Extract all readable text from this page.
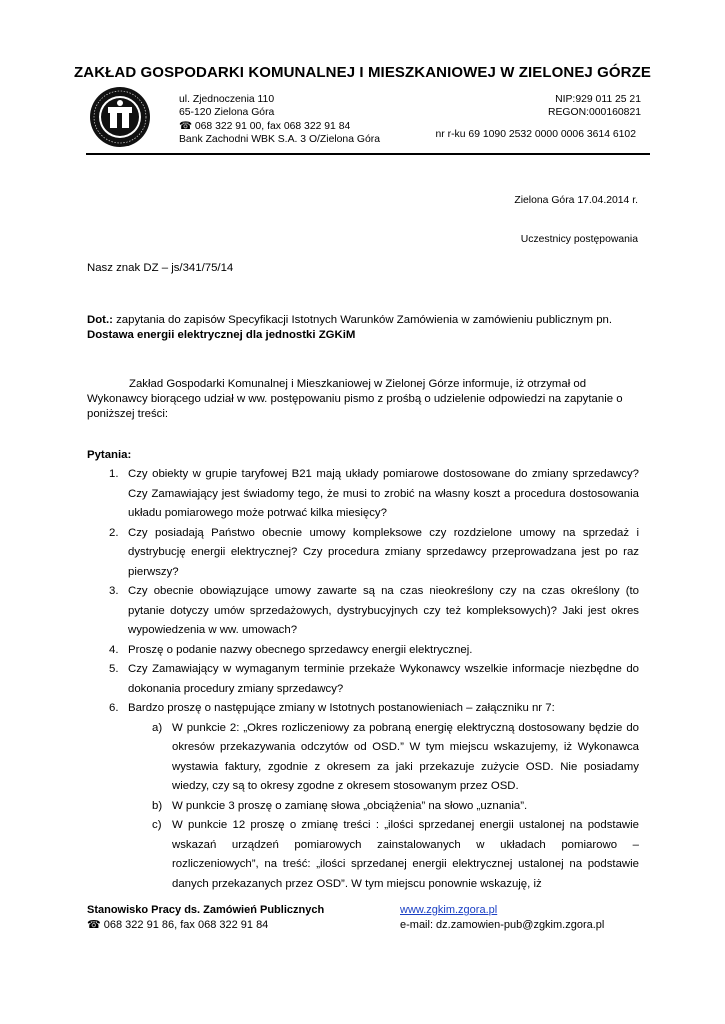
ZAKŁAD GOSPODARKI KOMUNALNEJ I MIESZKANIOWEJ W ZIELONEJ GÓRZE
ul. Zjednoczenia 110
65-120 Zielona Góra
☎ 068 322 91 00, fax 068 322 91 84
Bank Zachodni WBK S.A. 3 O/Zielona Góra
NIP:929 011 25 21
REGON:000160821
nr r-ku 69 1090 2532 0000 0006 3614 6102
Zielona Góra 17.04.2014 r.
Uczestnicy postępowania
Nasz znak DZ – js/341/75/14
Dot.: zapytania do zapisów Specyfikacji Istotnych Warunków Zamówienia w zamówieniu publicznym pn. Dostawa energii elektrycznej dla jednostki ZGKiM
Zakład Gospodarki Komunalnej i Mieszkaniowej w Zielonej Górze informuje, iż otrzymał od Wykonawcy biorącego udział w ww. postępowaniu pismo z prośbą o udzielenie odpowiedzi na zapytanie o poniższej treści:
Pytania:
1. Czy obiekty w grupie taryfowej B21 mają układy pomiarowe dostosowane do zmiany sprzedawcy? Czy Zamawiający jest świadomy tego, że musi to zrobić na własny koszt a procedura dostosowania układu pomiarowego może potrwać kilka miesięcy?
2. Czy posiadają Państwo obecnie umowy kompleksowe czy rozdzielone umowy na sprzedaż i dystrybucję energii elektrycznej? Czy procedura zmiany sprzedawcy przeprowadzana jest po raz pierwszy?
3. Czy obecnie obowiązujące umowy zawarte są na czas nieokreślony czy na czas określony (to pytanie dotyczy umów sprzedażowych, dystrybucyjnych czy też kompleksowych)? Jaki jest okres wypowiedzenia w ww. umowach?
4. Proszę o podanie nazwy obecnego sprzedawcy energii elektrycznej.
5. Czy Zamawiający w wymaganym terminie przekaże Wykonawcy wszelkie informacje niezbędne do dokonania procedury zmiany sprzedawcy?
6. Bardzo proszę o następujące zmiany w Istotnych postanowieniach – załączniku nr 7:
a) W punkcie 2: „Okres rozliczeniowy za pobraną energię elektryczną dostosowany będzie do okresów przekazywania odczytów od OSD.” W tym miejscu wskazujemy, iż Wykonawca wystawia faktury, zgodnie z okresem za jaki przekazuje zużycie OSD. Nie posiadamy wiedzy, czy są to okresy zgodne z okresem stosowanym przez OSD.
b) W punkcie 3 proszę o zamianę słowa „obciążenia” na słowo „uznania”.
c) W punkcie 12 proszę o zmianę treści : „ilości sprzedanej energii ustalonej na podstawie wskazań urządzeń pomiarowych zainstalowanych w układach pomiarowo – rozliczeniowych”, na treść: „ilości sprzedanej energii elektrycznej ustalonej na podstawie danych przekazanych przez OSD”. W tym miejscu ponownie wskazuję, iż
Stanowisko Pracy ds. Zamówień Publicznych
☎ 068 322 91 86, fax 068 322 91 84
www.zgkim.zgora.pl
e-mail: dz.zamowien-pub@zgkim.zgora.pl
